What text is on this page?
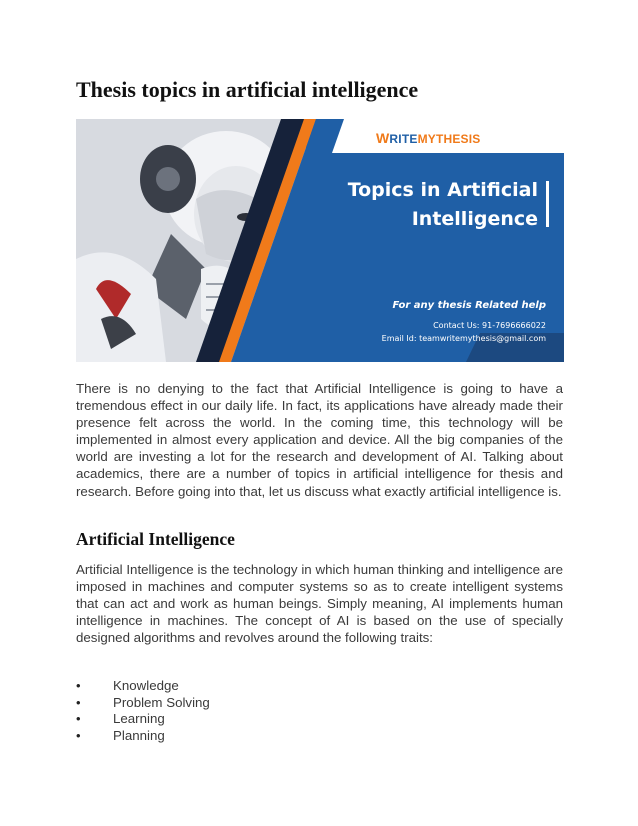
Thesis topics in artificial intelligence
WRITEMYTHESIS
Topics in Artificial
Intelligence
For any thesis Related help
Contact Us: 91-7696666022
Email Id: teamwritemythesis@gmail.com

There is no denying to the fact that Artificial Intelligence is going to have a tremendous effect in our daily life. In fact, its applications have already made their presence felt across the world. In the coming time, this technology will be implemented in almost every application and device. All the big companies of the world are investing a lot for the research and development of AI. Talking about academics, there are a number of topics in artificial intelligence for thesis and research. Before going into that, let us discuss what exactly artificial intelligence is.

Artificial Intelligence

Artificial Intelligence is the technology in which human thinking and intelligence are imposed in machines and computer systems so as to create intelligent systems that can act and work as human beings. Simply meaning, AI implements human intelligence in machines. The concept of AI is based on the use of specially designed algorithms and revolves around the following traits:

• Knowledge
• Problem Solving
• Learning
• Planning
